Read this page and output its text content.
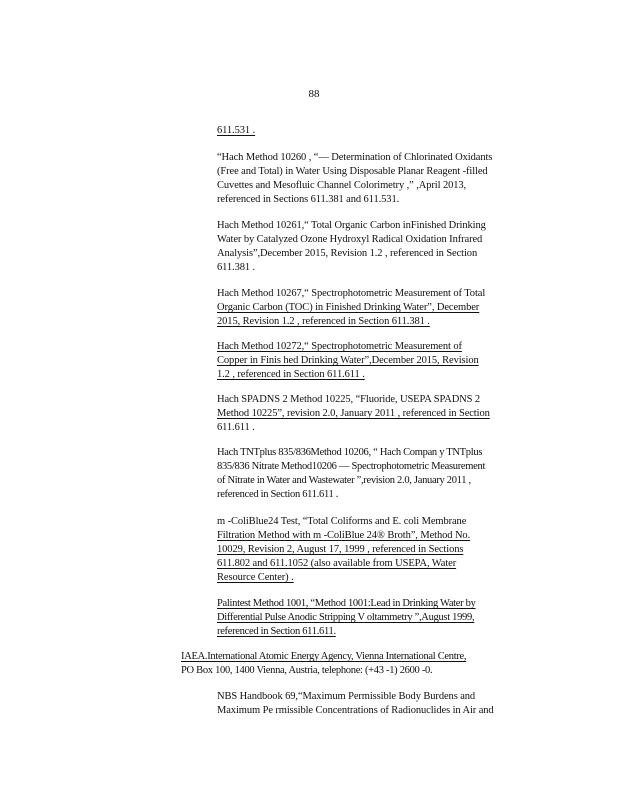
88
611.531 .
“Hach Method 10260 , “— Determination of Chlorinated Oxidants
(Free and Total) in Water Using Disposable Planar Reagent -filled
Cuvettes and Mesofluic Channel Colorimetry ,” ,April 2013,
referenced in Sections 611.381 and 611.531.
Hach Method 10261,“ Total Organic Carbon inFinished Drinking
Water by Catalyzed Ozone Hydroxyl Radical Oxidation Infrared
Analysis”,December 2015, Revision 1.2 , referenced in Section
611.381 .
Hach Method 10267,“ Spectrophotometric Measurement of Total
Organic Carbon (TOC) in Finished Drinking Water”, December
2015, Revision 1.2 , referenced in Section 611.381 .
Hach Method 10272,“ Spectrophotometric Measurement of
Copper in Finis hed Drinking Water”,December 2015, Revision
1.2 , referenced in Section 611.611 .
Hach SPADNS 2 Method 10225, “Fluoride, USEPA SPADNS 2
Method 10225”, revision 2.0, January 2011 , referenced in Section
611.611 .
Hach TNTplus 835/836Method 10206, “ Hach Compan y TNTplus
835/836 Nitrate Method10206 — Spectrophotometric Measurement
of Nitrate in Water and Wastewater ”,revision 2.0, January 2011 ,
referenced in Section 611.611 .
m -ColiBlue24 Test, “Total Coliforms and E. coli Membrane
Filtration Method with m -ColiBlue 24® Broth”, Method No.
10029, Revision 2, August 17, 1999 , referenced in Sections
611.802 and 611.1052 (also available from USEPA, Water
Resource Center) .
Palintest Method 1001, “Method 1001:Lead in Drinking Water by
Differential Pulse Anodic Stripping V oltammetry ”,August 1999,
referenced in Section 611.611.
IAEA.International Atomic Energy Agency, Vienna International Centre,
PO Box 100, 1400 Vienna, Austria, telephone: (+43 -1) 2600 -0.
NBS Handbook 69,“Maximum Permissible Body Burdens and
Maximum Pe rmissible Concentrations of Radionuclides in Air and
